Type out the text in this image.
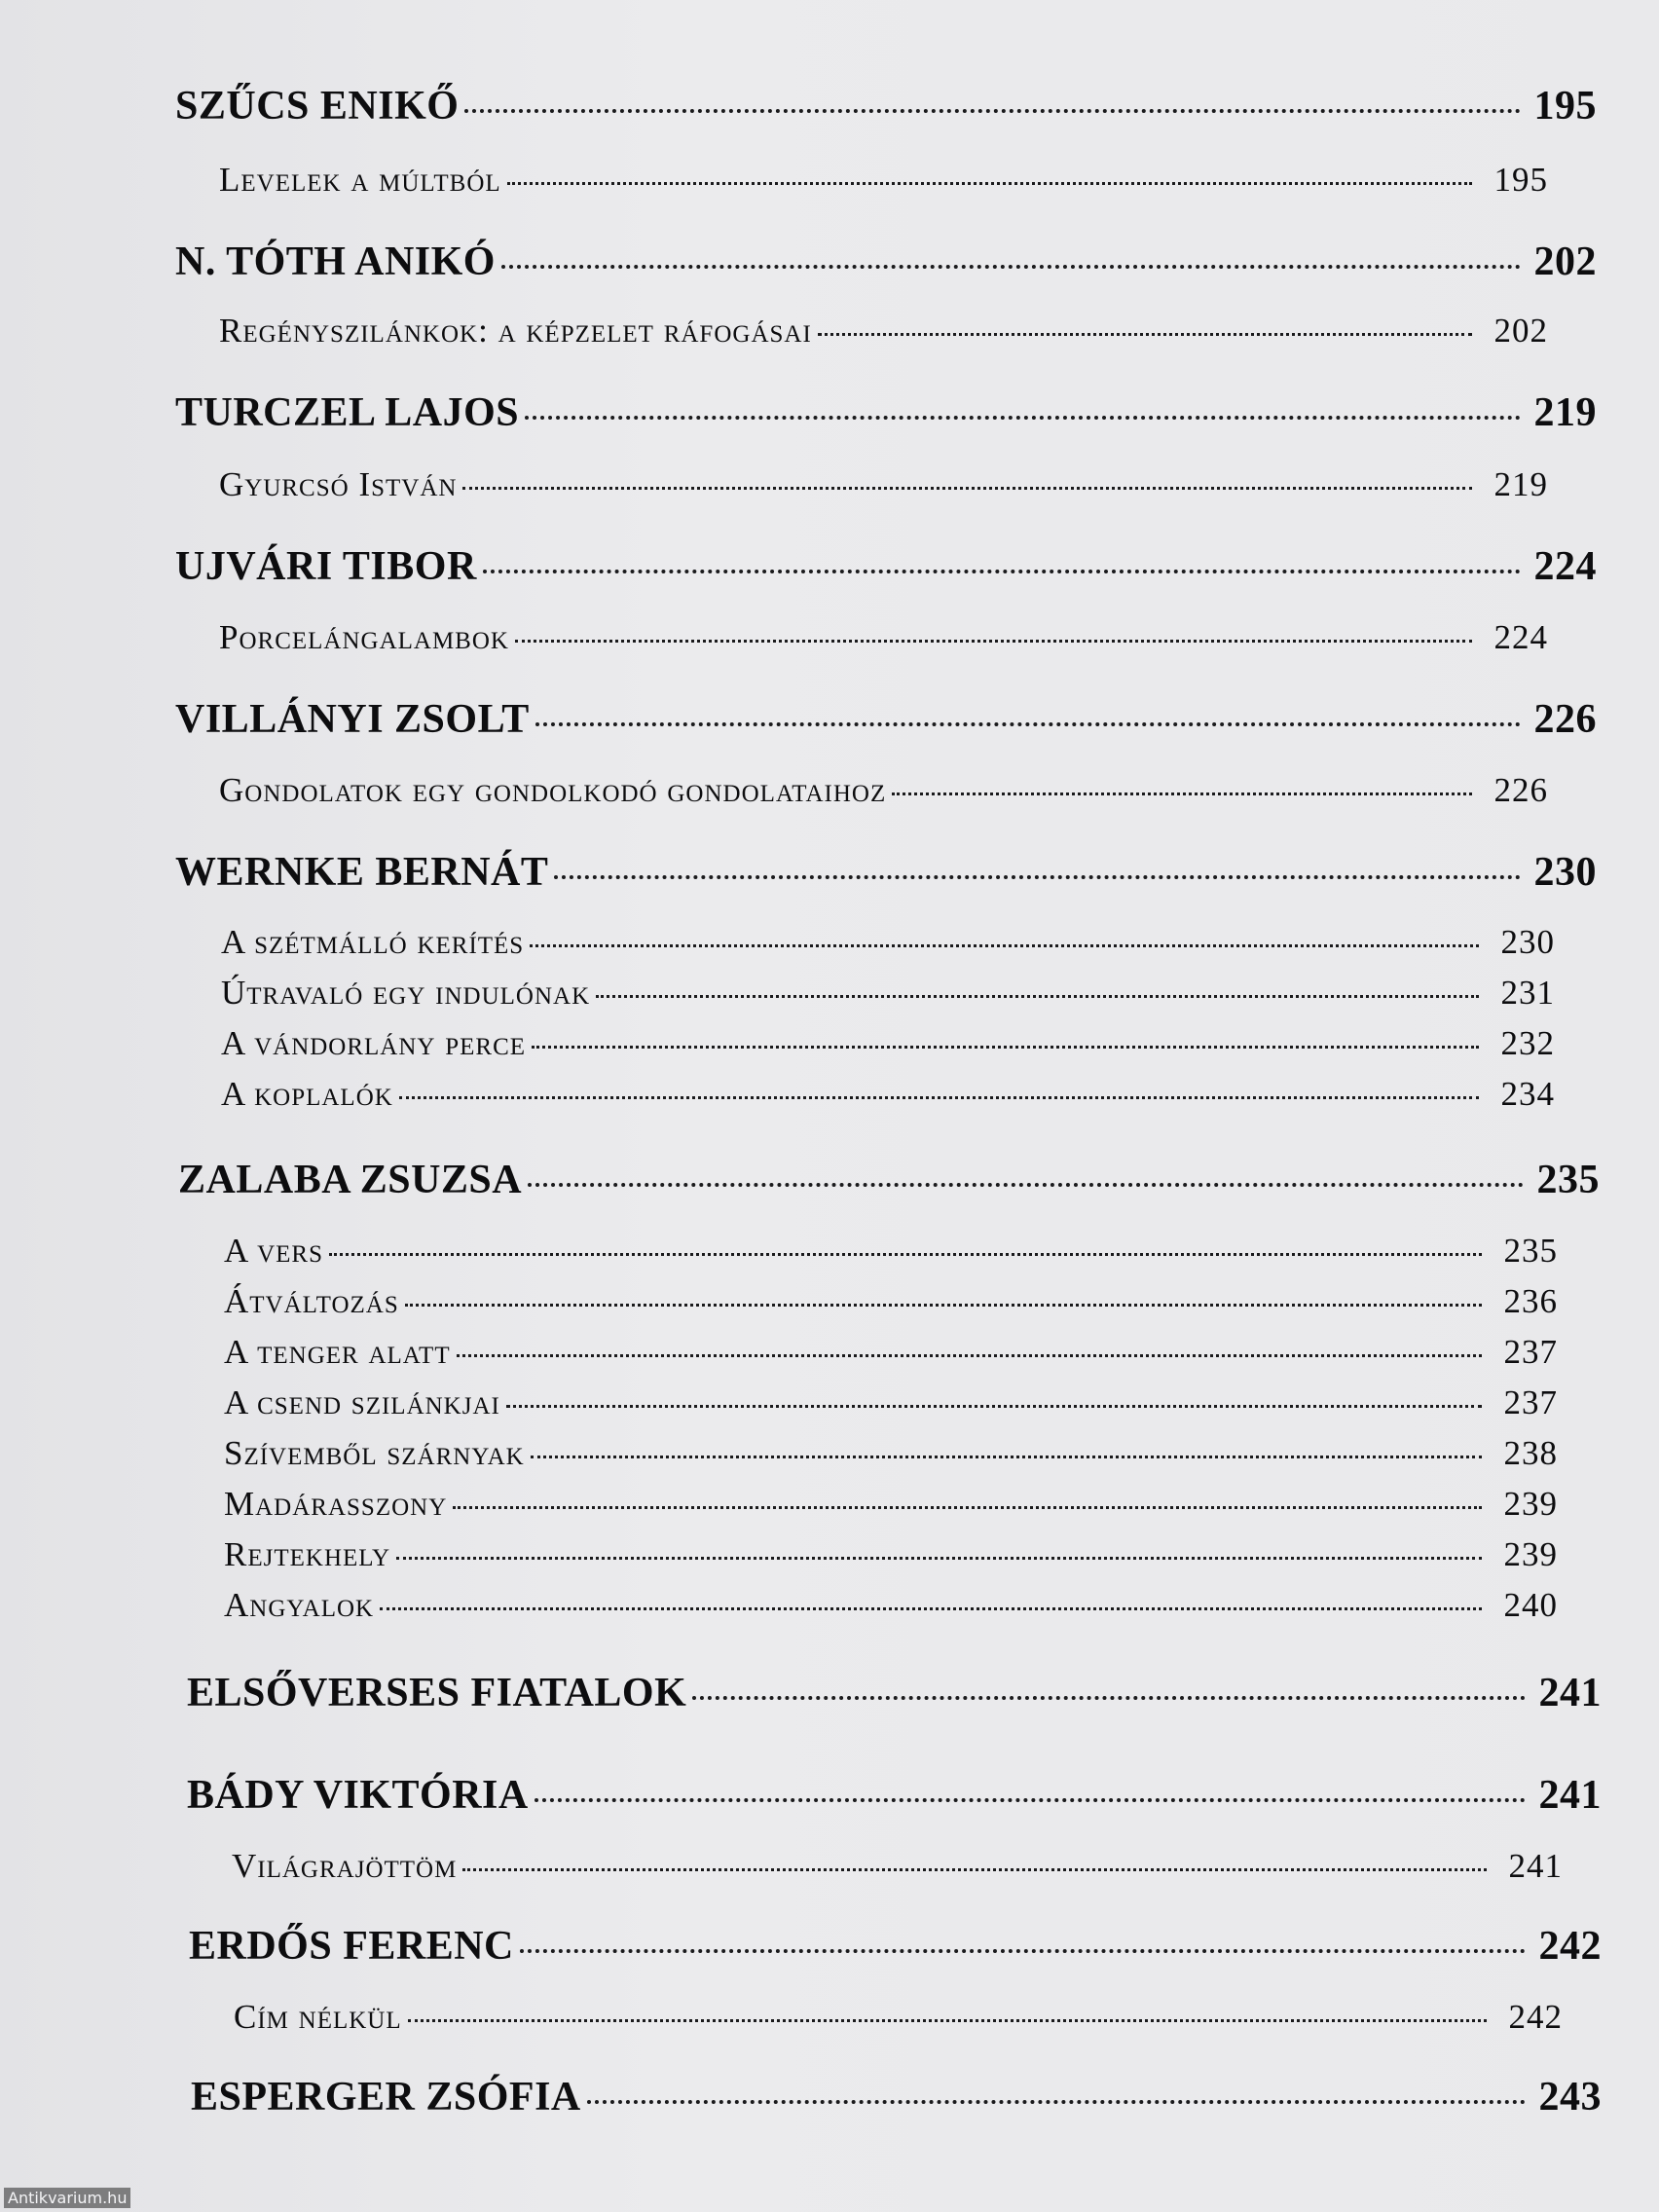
SZŰCS ENIKŐ	195
Levelek a múltból	195
N. TÓTH ANIKÓ	202
Regényszilánkok: a képzelet ráfogásai	202
TURCZEL LAJOS	219
Gyurcsó István	219
UJVÁRI TIBOR	224
Porcelángalambok	224
VILLÁNYI ZSOLT	226
Gondolatok egy gondolkodó gondolataihoz	226
WERNKE BERNÁT	230
A szétmálló kerítés	230
Útravaló egy indulónak	231
A vándorlány perce	232
A koplalók	234
ZALABA ZSUZSA	235
A vers	235
Átváltozás	236
A tenger alatt	237
A csend szilánkjai	237
Szívemből szárnyak	238
Madárasszony	239
Rejtekhely	239
Angyalok	240
ELSŐVERSES FIATALOK	241
BÁDY VIKTÓRIA	241
Világrajöttöm	241
ERDŐS FERENC	242
Cím nélkül	242
ESPERGER ZSÓFIA	243
Antikvarium.hu
